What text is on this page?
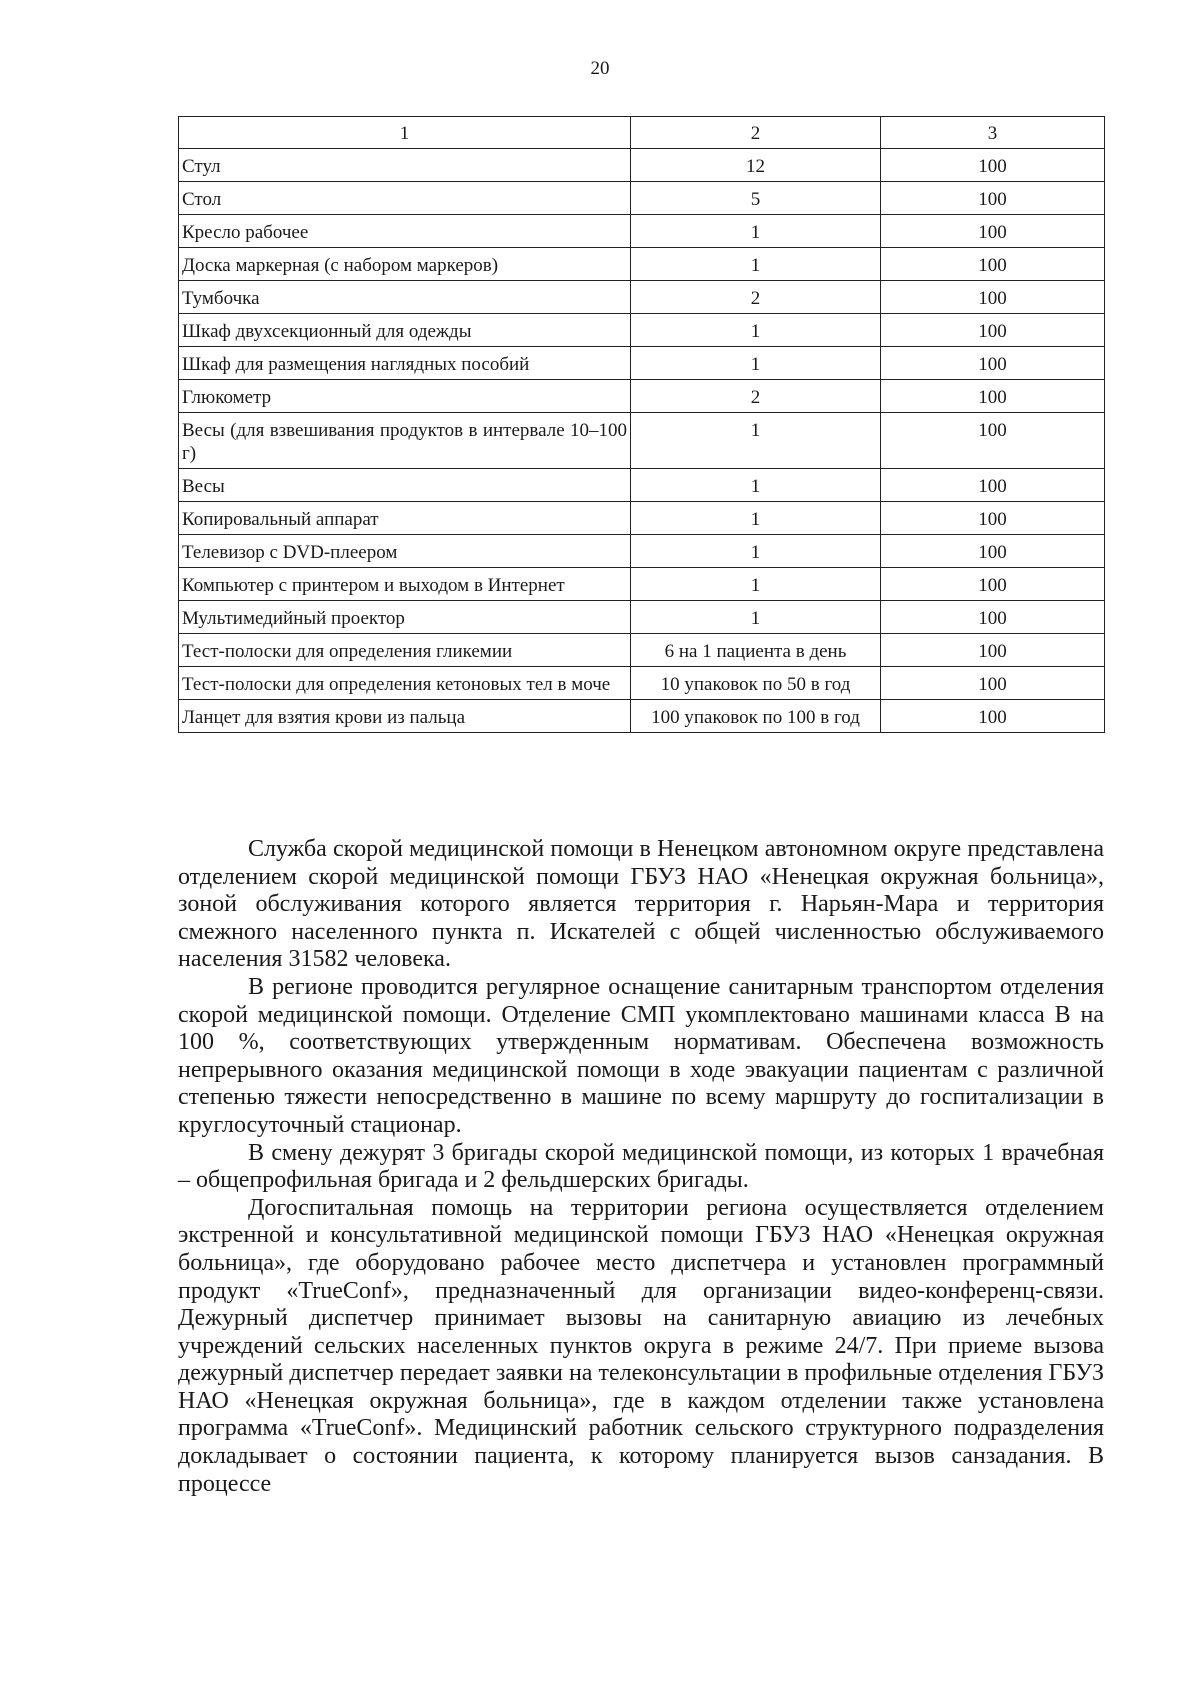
20
1	2	3
Стул	12	100
Стол	5	100
Кресло рабочее	1	100
Доска маркерная (с набором маркеров)	1	100
Тумбочка	2	100
Шкаф двухсекционный для одежды	1	100
Шкаф для размещения наглядных пособий	1	100
Глюкометр	2	100
Весы (для взвешивания продуктов в интервале 10–100 г)	1	100
Весы	1	100
Копировальный аппарат	1	100
Телевизор с DVD-плеером	1	100
Компьютер с принтером и выходом в Интернет	1	100
Мультимедийный проектор	1	100
Тест-полоски для определения гликемии	6 на 1 пациента в день	100
Тест-полоски для определения кетоновых тел в моче	10 упаковок по 50 в год	100
Ланцет для взятия крови из пальца	100 упаковок по 100 в год	100

Служба скорой медицинской помощи в Ненецком автономном округе представлена отделением скорой медицинской помощи ГБУЗ НАО «Ненецкая окружная больница», зоной обслуживания которого является территория г. Нарьян-Мара и территория смежного населенного пункта п. Искателей с общей численностью обслуживаемого населения 31582 человека.

В регионе проводится регулярное оснащение санитарным транспортом отделения скорой медицинской помощи. Отделение СМП укомплектовано машинами класса В на 100 %, соответствующих утвержденным нормативам. Обеспечена возможность непрерывного оказания медицинской помощи в ходе эвакуации пациентам с различной степенью тяжести непосредственно в машине по всему маршруту до госпитализации в круглосуточный стационар.

В смену дежурят 3 бригады скорой медицинской помощи, из которых 1 врачебная – общепрофильная бригада и 2 фельдшерских бригады.

Догоспитальная помощь на территории региона осуществляется отделением экстренной и консультативной медицинской помощи ГБУЗ НАО «Ненецкая окружная больница», где оборудовано рабочее место диспетчера и установлен программный продукт «TrueConf», предназначенный для организации видео-конференц-связи. Дежурный диспетчер принимает вызовы на санитарную авиацию из лечебных учреждений сельских населенных пунктов округа в режиме 24/7. При приеме вызова дежурный диспетчер передает заявки на телеконсультации в профильные отделения ГБУЗ НАО «Ненецкая окружная больница», где в каждом отделении также установлена программа «TrueConf». Медицинский работник сельского структурного подразделения докладывает о состоянии пациента, к которому планируется вызов санзадания. В процессе
